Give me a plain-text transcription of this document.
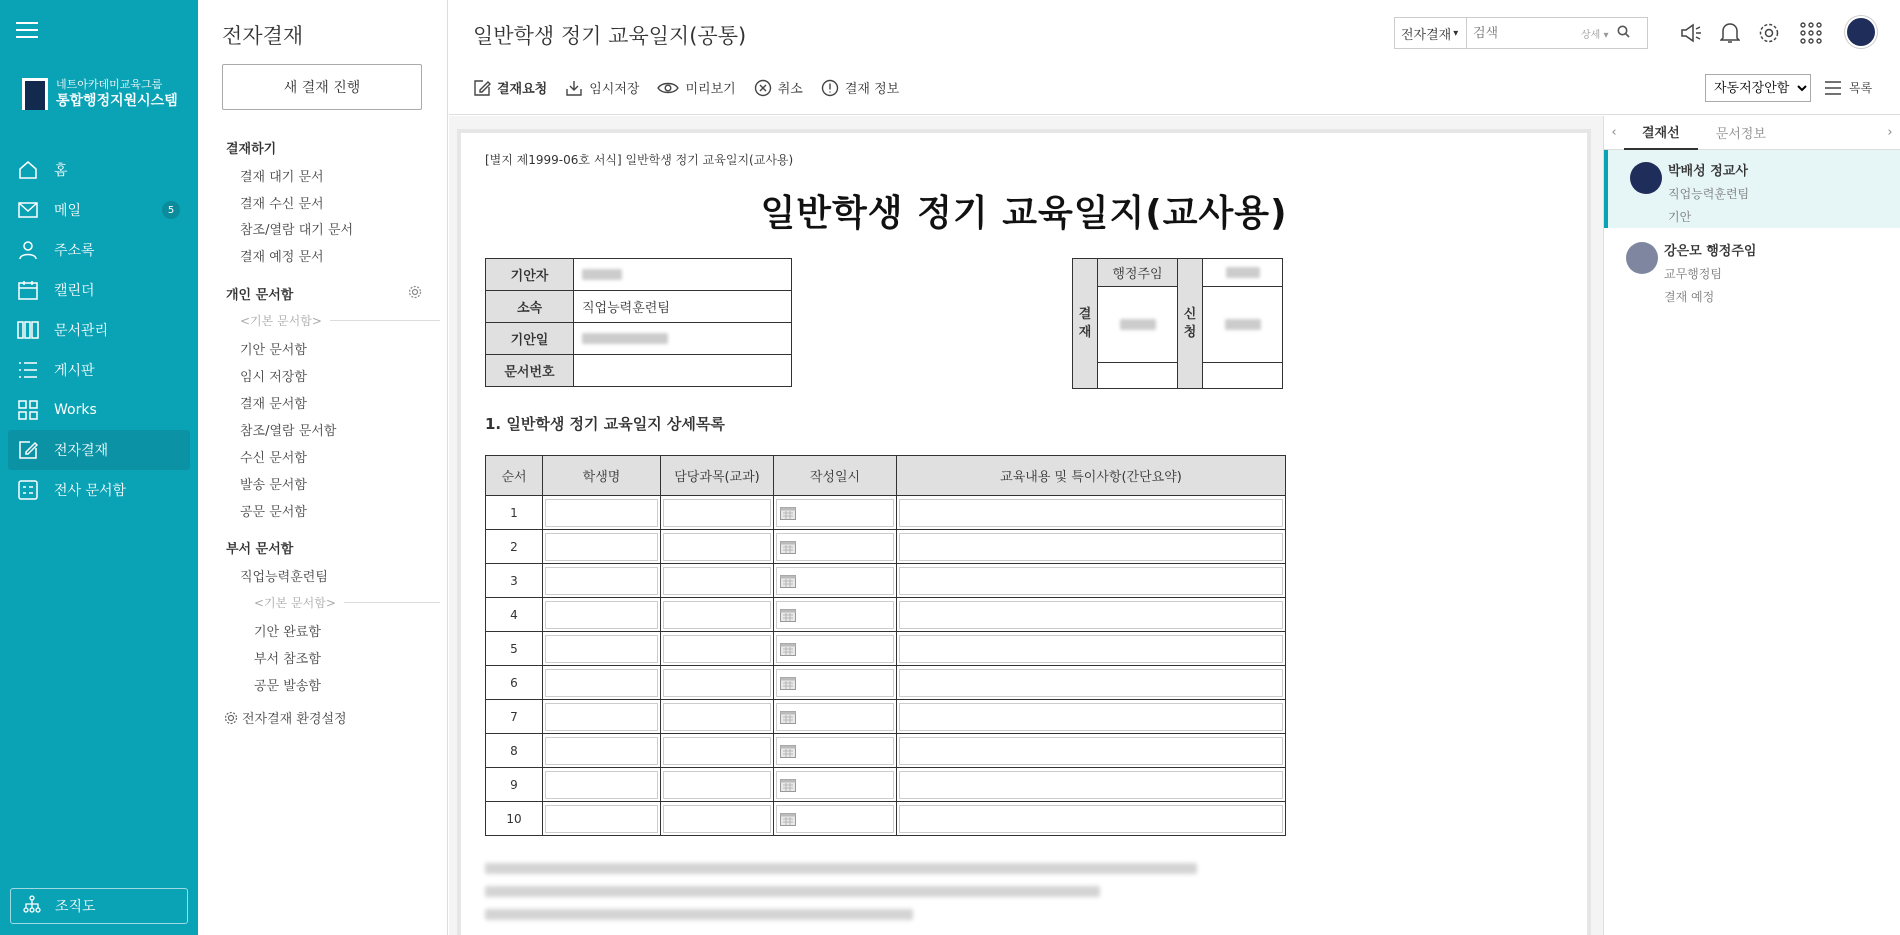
네트아카데미교육그룹
통합행정지원시스템
홈
메일	5
주소록
캘린더
문서관리
게시판
Works
전자결재
전사 문서함
조직도
전자결재
새 결재 진행
결재하기
결재 대기 문서
결재 수신 문서
참조/열람 대기 문서
결재 예정 문서
개인 문서함
<기본 문서함>
기안 문서함
임시 저장함
결재 문서함
참조/열람 문서함
수신 문서함
발송 문서함
공문 문서함
부서 문서함
직업능력훈련팀
<기본 문서함>
기안 완료함
부서 참조함
공문 발송함
전자결재 환경설정
일반학생 정기 교육일지(공통)	전자결재 ▾
검색	상세 ▾
결재요청	임시저장	미리보기	취소	결재 정보
자동저장안함	목록
[별지 제1999-06호 서식] 일반학생 정기 교육일지(교사용)
일반학생 정기 교육일지(교사용)
기안자	
소속	직업능력훈련팀
기안일	
문서번호	
결재	행정주임	신청	

1. 일반학생 정기 교육일지 상세목록
순서	학생명	담당과목(교과)	작성일시	교육내용 및 특이사항(간단요약)
1	

2	

3	

4	

5	

6	

7	

8	

9	

10	

‹	결재선	문서정보	›
박배성 정교사
직업능력훈련팀
기안
강은모 행정주임
교무행정팀
결재 예정
